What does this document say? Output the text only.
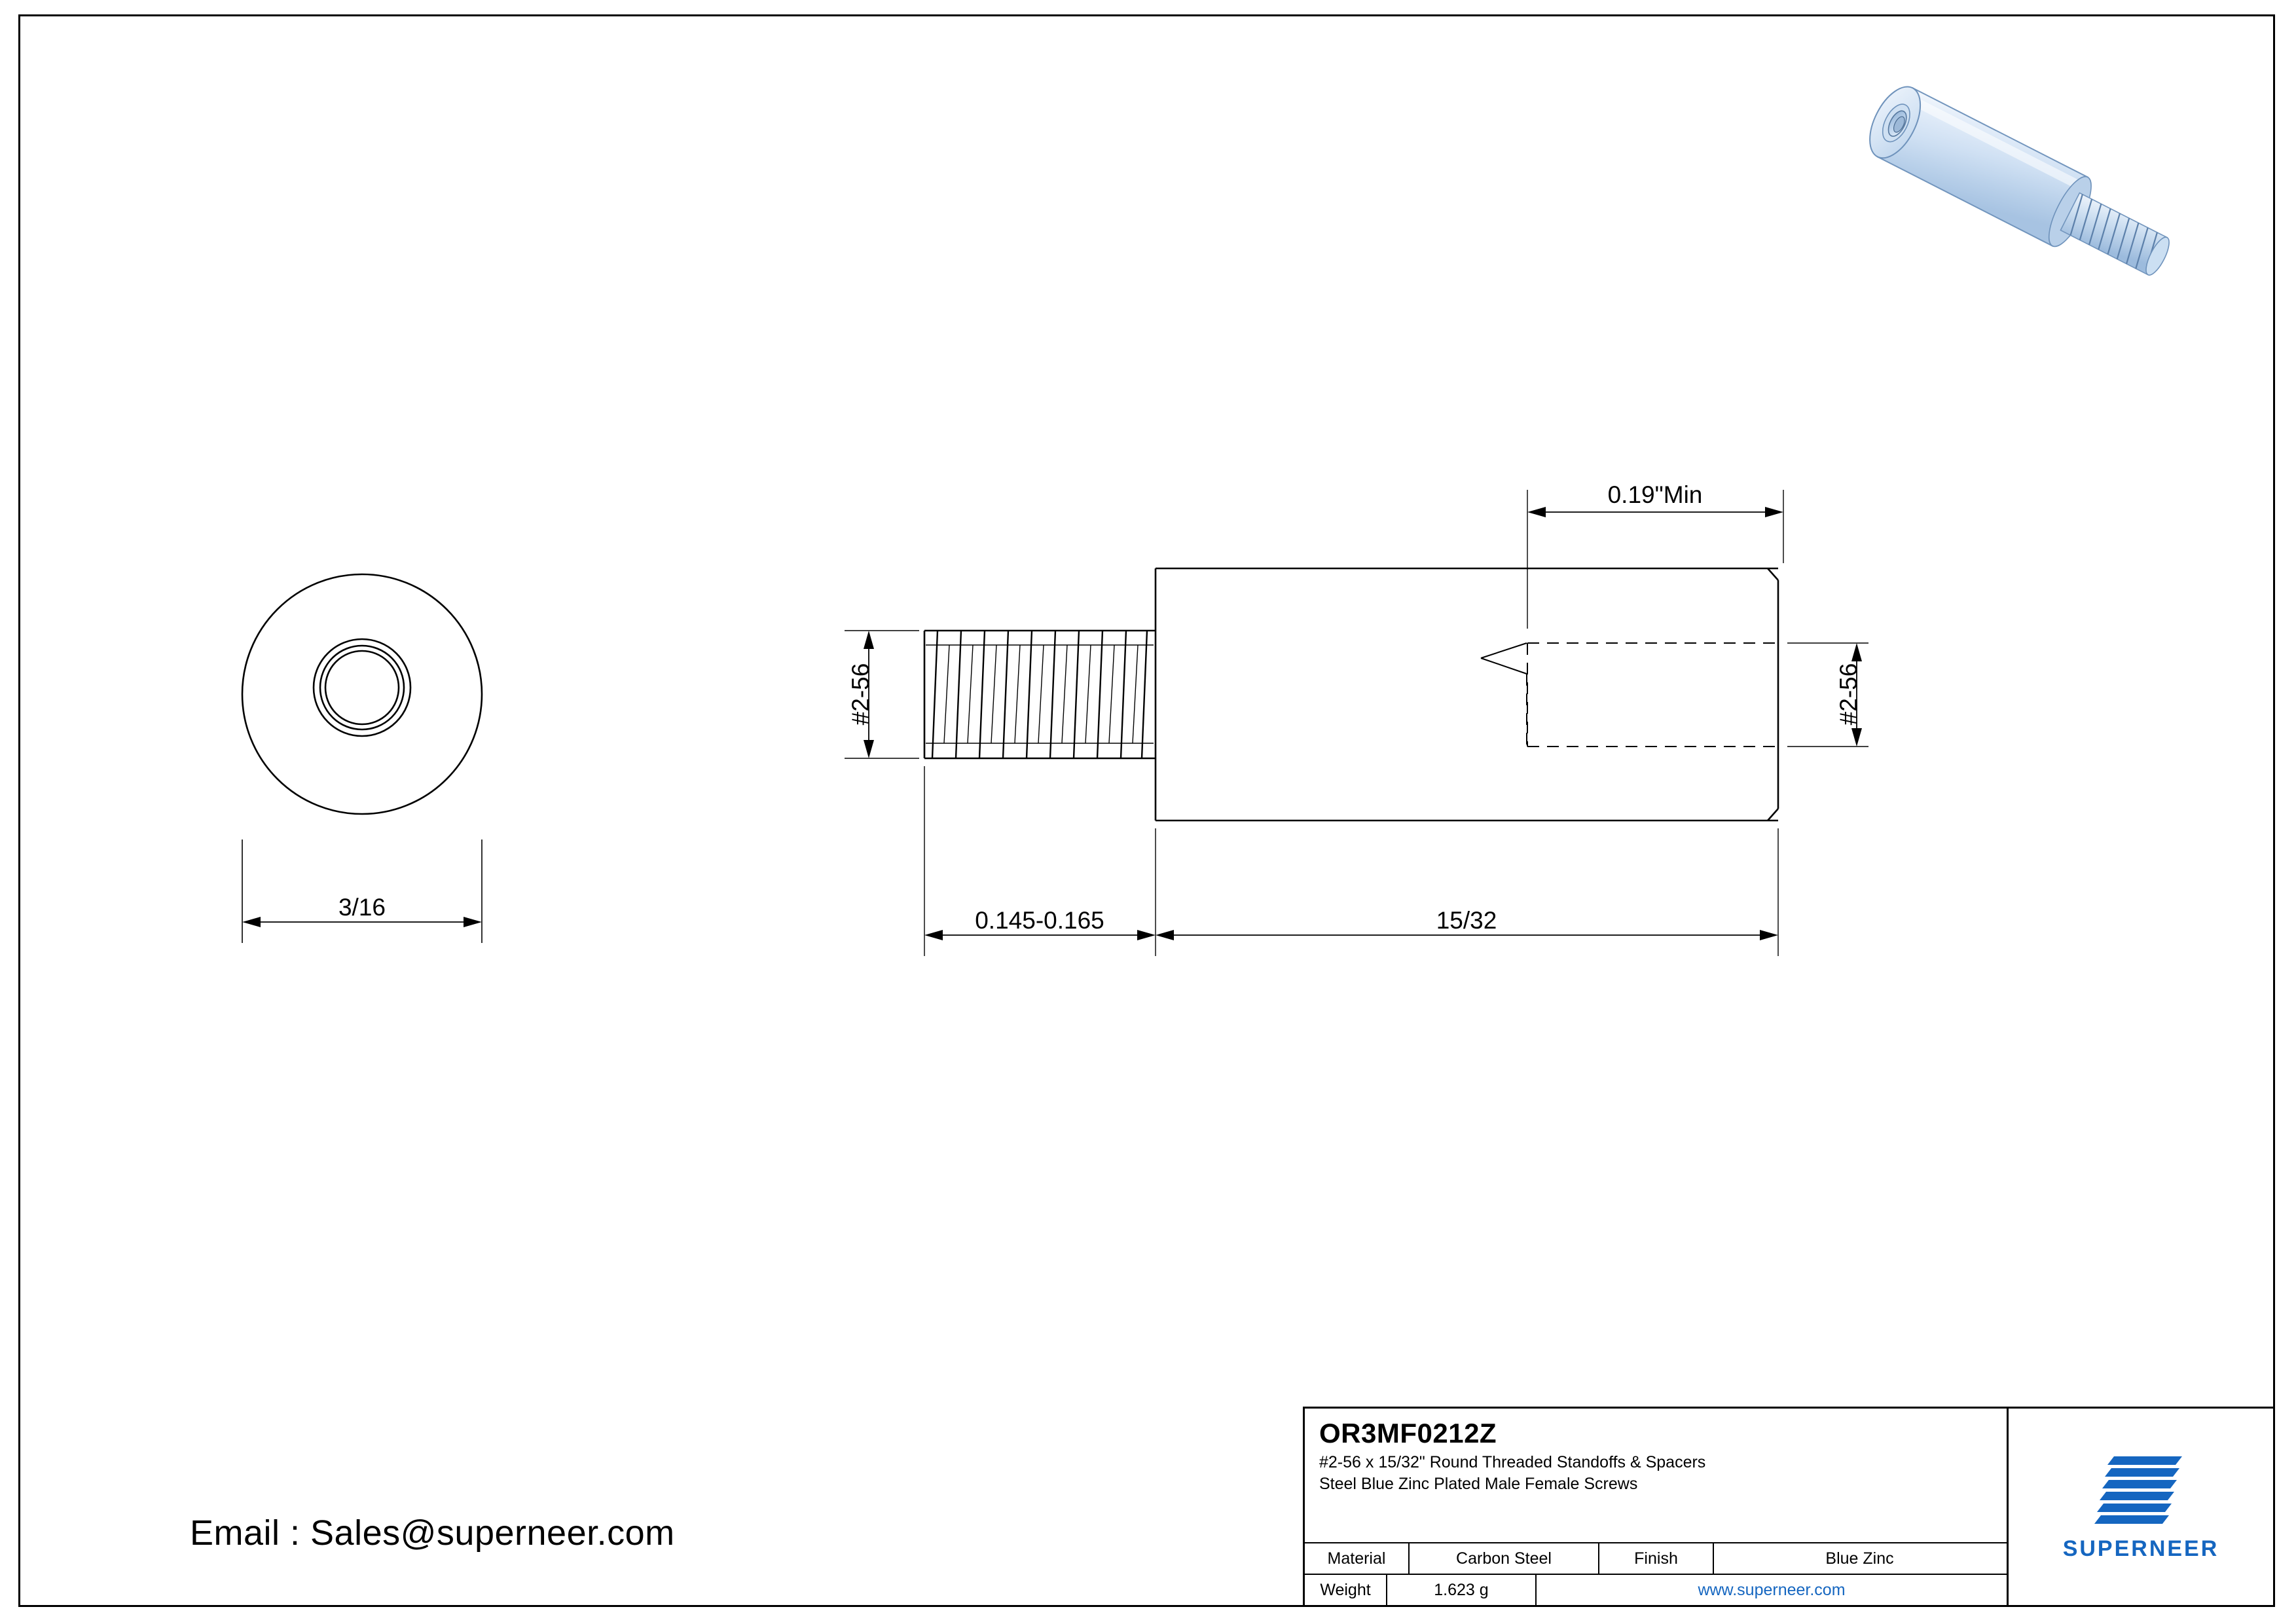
3/16
0.19"Min
0.145-0.165	15/32
#2-56	#2-56
Email : Sales@superneer.com
OR3MF0212Z
#2-56 x 15/32" Round Threaded Standoffs & Spacers
Steel Blue Zinc Plated Male Female Screws
Material	Carbon Steel	Finish	Blue Zinc
Weight	1.623 g	www.superneer.com
SUPERNEER
